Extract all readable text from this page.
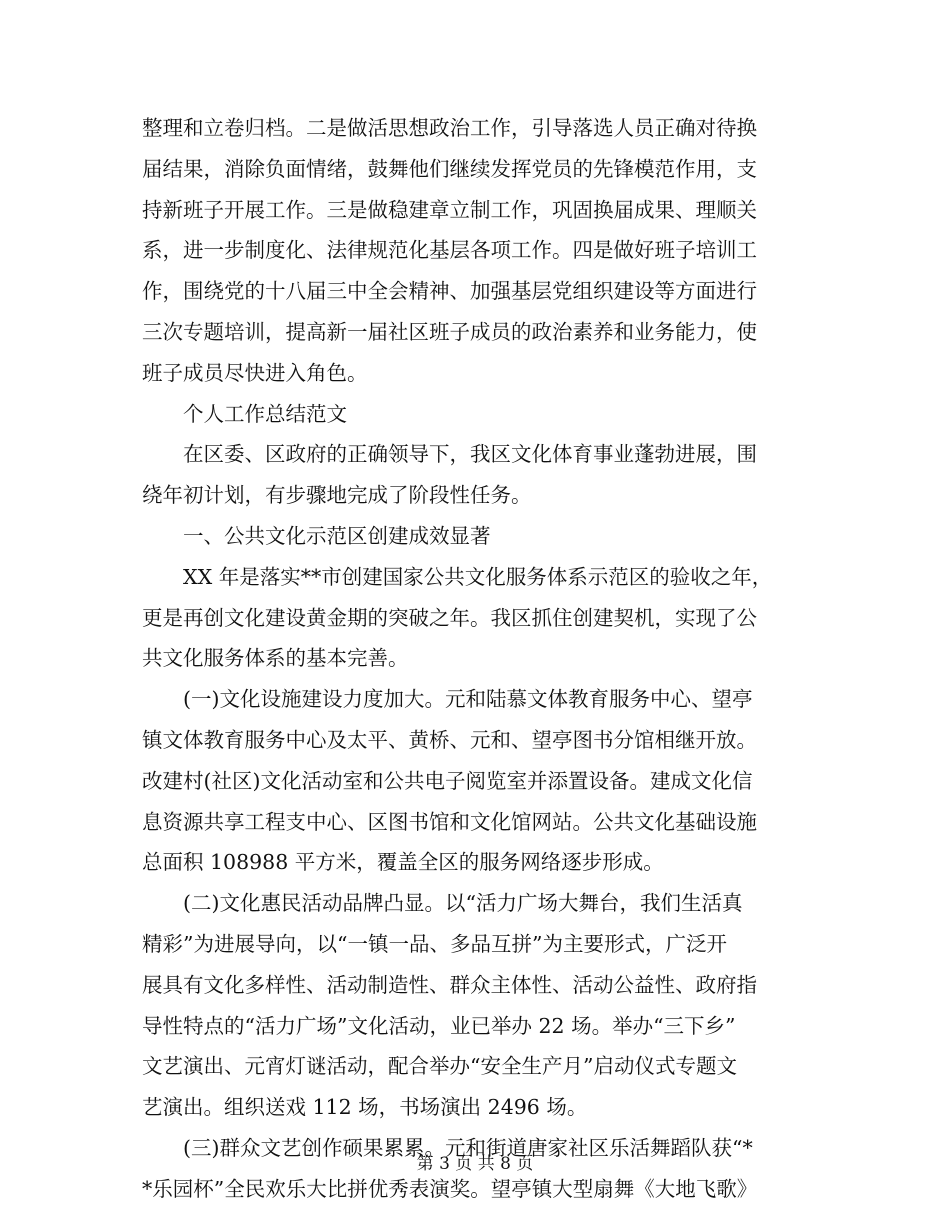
整理和立卷归档。二是做活思想政治工作，引导落选人员正确对待换
届结果，消除负面情绪，鼓舞他们继续发挥党员的先锋模范作用，支
持新班子开展工作。三是做稳建章立制工作，巩固换届成果、理顺关
系，进一步制度化、法律规范化基层各项工作。四是做好班子培训工
作，围绕党的十八届三中全会精神、加强基层党组织建设等方面进行
三次专题培训，提高新一届社区班子成员的政治素养和业务能力，使
班子成员尽快进入角色。
个人工作总结范文
在区委、区政府的正确领导下，我区文化体育事业蓬勃进展，围
绕年初计划，有步骤地完成了阶段性任务。
一、公共文化示范区创建成效显著
XX 年是落实**市创建国家公共文化服务体系示范区的验收之年，
更是再创文化建设黄金期的突破之年。我区抓住创建契机，实现了公
共文化服务体系的基本完善。
(一)文化设施建设力度加大。元和陆慕文体教育服务中心、望亭
镇文体教育服务中心及太平、黄桥、元和、望亭图书分馆相继开放。
改建村(社区)文化活动室和公共电子阅览室并添置设备。建成文化信
息资源共享工程支中心、区图书馆和文化馆网站。公共文化基础设施
总面积 108988 平方米，覆盖全区的服务网络逐步形成。
(二)文化惠民活动品牌凸显。以“活力广场大舞台，我们生活真
精彩”为进展导向，以“一镇一品、多品互拼”为主要形式，广泛开
展具有文化多样性、活动制造性、群众主体性、活动公益性、政府指
导性特点的“活力广场”文化活动，业已举办 22 场。举办“三下乡”
文艺演出、元宵灯谜活动，配合举办“安全生产月”启动仪式专题文
艺演出。组织送戏 112 场，书场演出 2496 场。
(三)群众文艺创作硕果累累。元和街道唐家社区乐活舞蹈队获“*
*乐园杯”全民欢乐大比拼优秀表演奖。望亭镇大型扇舞《大地飞歌》
第 3 页 共 8 页
